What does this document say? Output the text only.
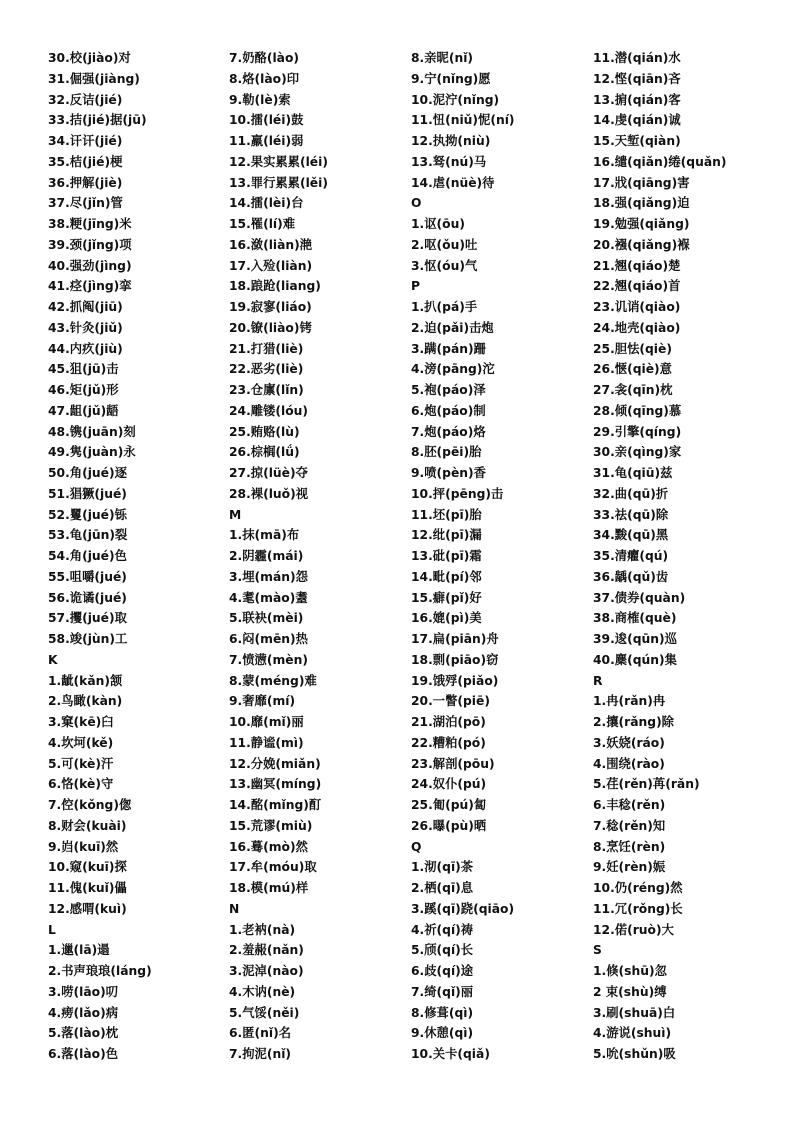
30.校(jiào)对
31.倔强(jiàng)
32.反诘(jié)
33.拮(jié)据(jū)
34.讦讦(jié)
35.桔(jié)梗
36.押解(jiè)
37.尽(jǐn)管
38.粳(jīng)米
39.颈(jǐng)项
40.强劲(jìng)
41.痉(jìng)挛
42.抓阄(jiū)
43.针灸(jiǔ)
44.内疚(jiù)
45.狙(jū)击
46.矩(jǔ)形
47.龃(jǔ)龉
48.镌(juān)刻
49.隽(juàn)永
50.角(jué)逐
51.猖獗(jué)
52.矍(jué)铄
53.龟(jūn)裂
54.角(jué)色
55.咀嚼(jué)
56.诡谲(jué)
57.攫(jué)取
58.竣(jùn)工
K
1.龇(kǎn)颔
2.鸟瞰(kàn)
3.窠(kē)臼
4.坎坷(kě)
5.可(kè)汗
6.恪(kè)守
7.倥(kǒng)偬
8.财会(kuài)
9.岿(kuī)然
10.窥(kuī)探
11.傀(kuǐ)儡
12.感喟(kuì)
L
1.邋(lā)遢
2.书声琅琅(láng)
3.唠(lāo)叨
4.痨(lǎo)病
5.落(lào)枕
6.落(lào)色
7.奶酪(lào)
8.烙(lào)印
9.勒(lè)索
10.擂(léi)鼓
11.羸(léi)弱
12.果实累累(léi)
13.罪行累累(lěi)
14.擂(lèi)台
15.罹(lí)难
16.潋(liàn)滟
17.入殓(liàn)
18.踉跄(liang)
19.寂寥(liáo)
20.镣(liào)铐
21.打猎(liè)
22.恶劣(liè)
23.仓廪(lǐn)
24.雕镂(lóu)
25.贿赂(lù)
26.棕榈(lǘ)
27.掠(lüè)夺
28.裸(luǒ)视
M
1.抹(mā)布
2.阴霾(mái)
3.埋(mán)怨
4.耄(mào)耋
5.联袂(mèi)
6.闷(mēn)热
7.愤懑(mèn)
8.蒙(méng)难
9.奢靡(mí)
10.靡(mǐ)丽
11.静谧(mì)
12.分娩(miǎn)
13.幽冥(míng)
14.酩(mǐng)酊
15.荒谬(miù)
16.蓦(mò)然
17.牟(móu)取
18.模(mú)样
N
1.老衲(nà)
2.羞赧(nǎn)
3.泥淖(nào)
4.木讷(nè)
5.气馁(něi)
6.匿(nǐ)名
7.拘泥(nǐ)
8.亲昵(nǐ)
9.宁(nǐng)愿
10.泥泞(nǐng)
11.忸(niǔ)怩(ní)
12.执拗(niù)
13.驽(nú)马
14.虐(nüè)待
O
1.讴(ōu)
2.呕(ǒu)吐
3.怄(óu)气
P
1.扒(pá)手
2.迫(pǎi)击炮
3.蹒(pán)跚
4.滂(pāng)沱
5.袍(páo)泽
6.炮(páo)制
7.炮(páo)烙
8.胚(pēi)胎
9.喷(pèn)香
10.抨(pēng)击
11.坯(pī)胎
12.纰(pī)漏
13.砒(pī)霜
14.毗(pí)邻
15.癖(pǐ)好
16.媲(pì)美
17.扁(piān)舟
18.剽(piāo)窃
19.饿殍(piǎo)
20.一瞥(piē)
21.湖泊(pō)
22.糟粕(pó)
23.解剖(pōu)
24.奴仆(pú)
25.匍(pú)匐
26.曝(pù)晒
Q
1.沏(qī)茶
2.栖(qī)息
3.蹊(qī)跷(qiāo)
4.祈(qí)祷
5.颀(qí)长
6.歧(qí)途
7.绮(qǐ)丽
8.修葺(qì)
9.休憩(qì)
10.关卡(qiǎ)
11.潜(qián)水
12.悭(qiān)吝
13.掮(qián)客
14.虔(qián)诚
15.天堑(qiàn)
16.缱(qiǎn)绻(quǎn)
17.戕(qiāng)害
18.强(qiǎng)迫
19.勉强(qiǎng)
20.襁(qiǎng)褓
21.翘(qiáo)楚
22.翘(qiáo)首
23.讥诮(qiào)
24.地壳(qiào)
25.胆怯(qiè)
26.惬(qiè)意
27.衾(qīn)枕
28.倾(qīng)慕
29.引擎(qíng)
30.亲(qìng)家
31.龟(qiū)兹
32.曲(qū)折
33.祛(qū)除
34.黢(qū)黑
35.清癯(qú)
36.龋(qǔ)齿
37.债券(quàn)
38.商榷(què)
39.逡(qūn)巡
40.麇(qún)集
R
1.冉(rǎn)冉
2.攘(rǎng)除
3.妖娆(ráo)
4.围绕(rào)
5.荏(rěn)苒(rǎn)
6.丰稔(rěn)
7.稔(rěn)知
8.烹饪(rèn)
9.妊(rèn)娠
10.仍(réng)然
11.冗(rǒng)长
12.偌(ruò)大
S
1.倏(shū)忽
2 束(shù)缚
3.刷(shuā)白
4.游说(shuì)
5.吮(shǔn)吸
